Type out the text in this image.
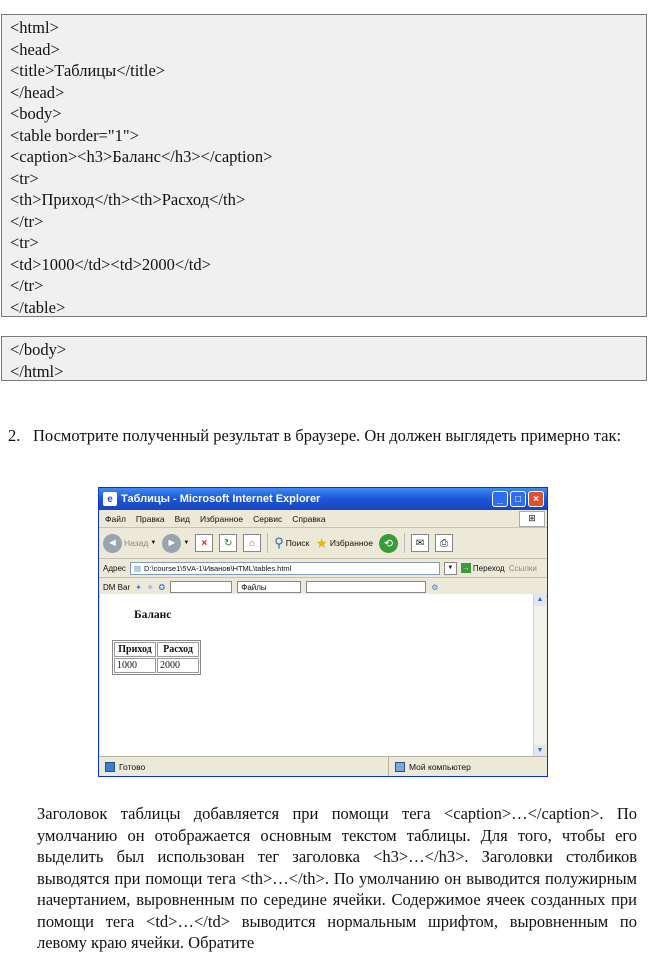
<html>
<head>
<title>Таблицы</title>
</head>
<body>
<table border="1">
<caption><h3>Баланс</h3></caption>
<tr>
<th>Приход</th><th>Расход</th>
</tr>
<tr>
<td>1000</td><td>2000</td>
</tr>
</table>
</body>
</html>
2. Посмотрите полученный результат в браузере. Он должен выглядеть примерно так:
e Таблицы - Microsoft Internet Explorer	_	□	×
Файл Правка Вид Избранное Сервис Справка	⊞
◄ Назад ▼ ►	▼	×	↻	⌂	⚲ Поиск ★ Избранное ⟲	✉	⎙
Адрес ▤ D:\course1\5VA-1\Иванов\HTML\tables.html	▼	→ Переход Ссылки
DM Bar ✦ ✧ ✪	Файлы	⚙
Баланс
Приход	Расход
1000	2000
▲
▼
Готово	Мой компьютер
Заголовок таблицы добавляется при помощи тега <caption>…</caption>. По умолчанию он отображается основным текстом таблицы. Для того, чтобы его выделить был использован тег заголовка <h3>…</h3>. Заголовки столбиков выводятся при помощи тега <th>…</th>. По умолчанию он выводится полужирным начертанием, выровненным по середине ячейки. Содержимое ячеек созданных при помощи тега <td>…</td> выводится нормальным шрифтом, выровненным по левому краю ячейки. Обратите
